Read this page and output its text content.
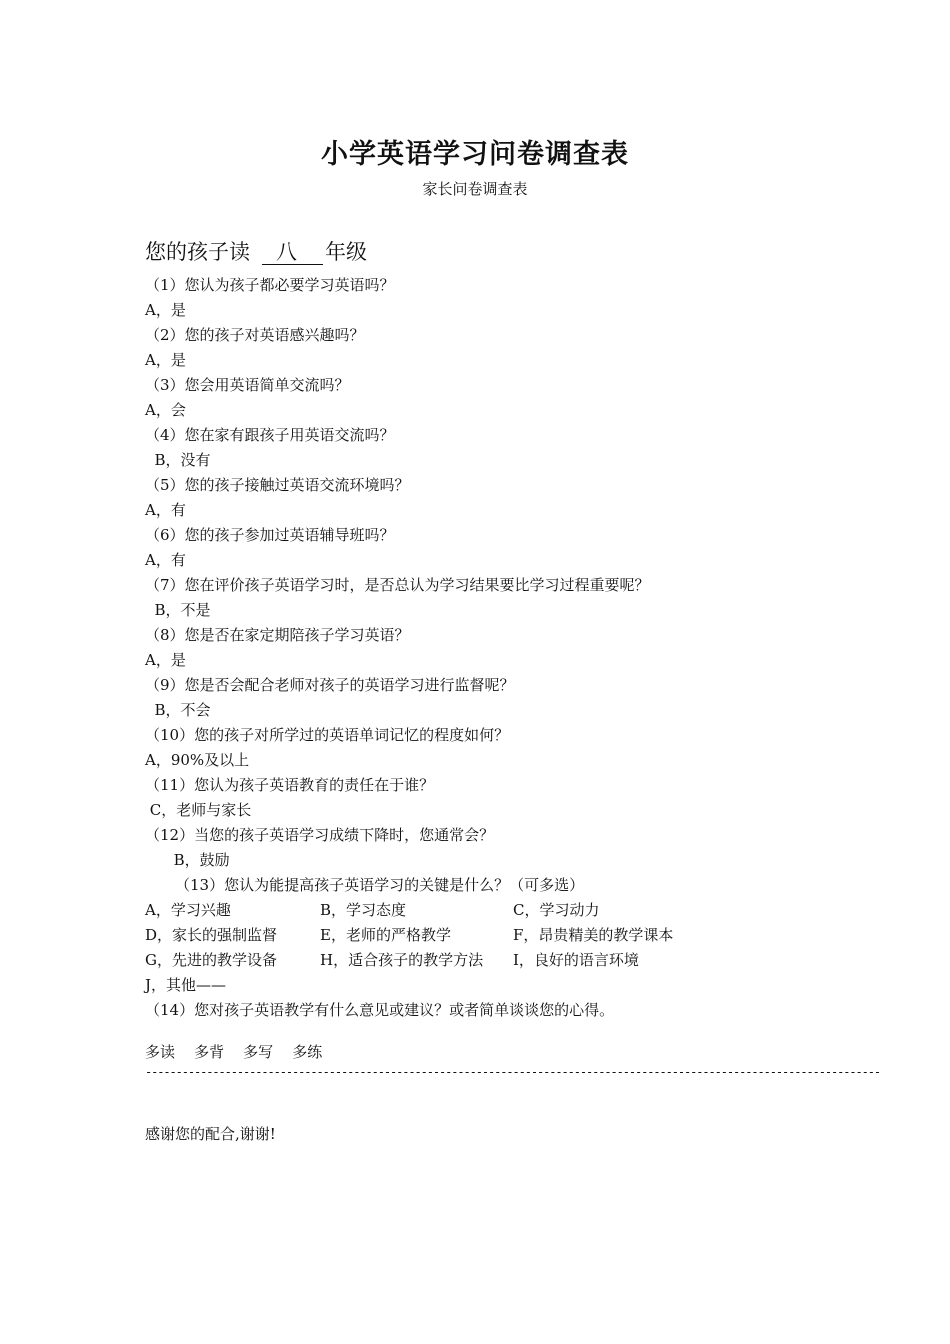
小学英语学习问卷调查表
家长问卷调查表
您的孩子读 八 年级
（1）您认为孩子都必要学习英语吗？
A，是
（2）您的孩子对英语感兴趣吗？
A，是
（3）您会用英语简单交流吗？
A，会
（4）您在家有跟孩子用英语交流吗？
B，没有
（5）您的孩子接触过英语交流环境吗？
A，有
（6）您的孩子参加过英语辅导班吗？
A，有
（7）您在评价孩子英语学习时，是否总认为学习结果要比学习过程重要呢？
B，不是
（8）您是否在家定期陪孩子学习英语？
A，是
（9）您是否会配合老师对孩子的英语学习进行监督呢？
B，不会
（10）您的孩子对所学过的英语单词记忆的程度如何？
A，90%及以上
（11）您认为孩子英语教育的责任在于谁？
C，老师与家长
（12）当您的孩子英语学习成绩下降时，您通常会？
B，鼓励
（13）您认为能提高孩子英语学习的关键是什么？（可多选）
A，学习兴趣	B，学习态度	C，学习动力
D，家长的强制监督	E，老师的严格教学	F，昂贵精美的教学课本
G，先进的教学设备	H，适合孩子的教学方法 I，良好的语言环境
J，其他——
（14）您对孩子英语教学有什么意见或建议？或者简单谈谈您的心得。
多读    多背    多写    多练
------------------------------------------------------------------------------------------------------------------------
感谢您的配合,谢谢!
